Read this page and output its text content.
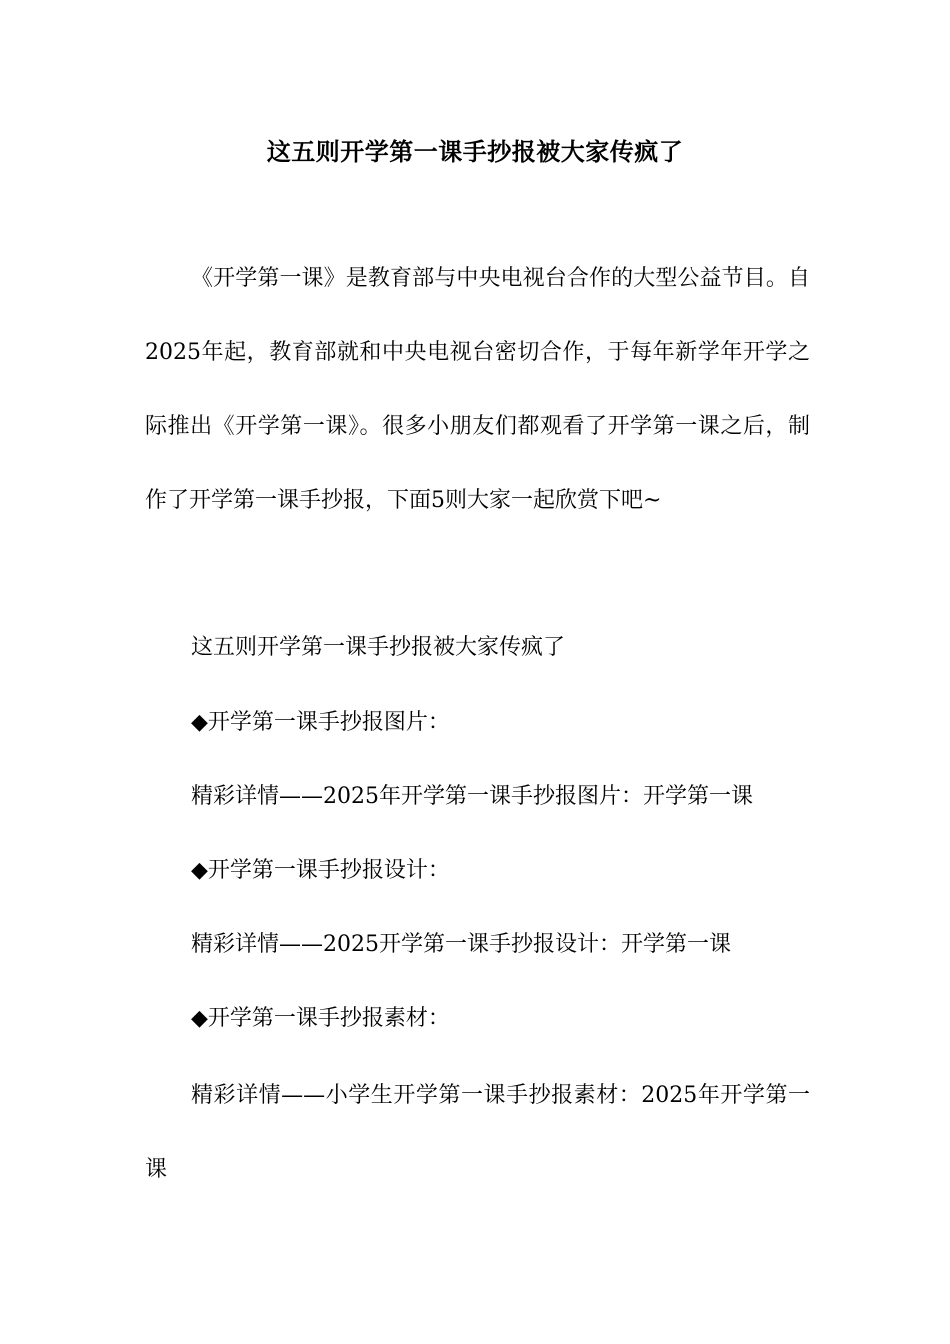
这五则开学第一课手抄报被大家传疯了
《开学第一课》是教育部与中央电视台合作的大型公益节目。自2025年起，教育部就和中央电视台密切合作，于每年新学年开学之际推出《开学第一课》。很多小朋友们都观看了开学第一课之后，制作了开学第一课手抄报，下面5则大家一起欣赏下吧~
这五则开学第一课手抄报被大家传疯了
◆开学第一课手抄报图片：
精彩详情——2025年开学第一课手抄报图片：开学第一课
◆开学第一课手抄报设计：
精彩详情——2025开学第一课手抄报设计：开学第一课
◆开学第一课手抄报素材：
精彩详情——小学生开学第一课手抄报素材：2025年开学第一课
